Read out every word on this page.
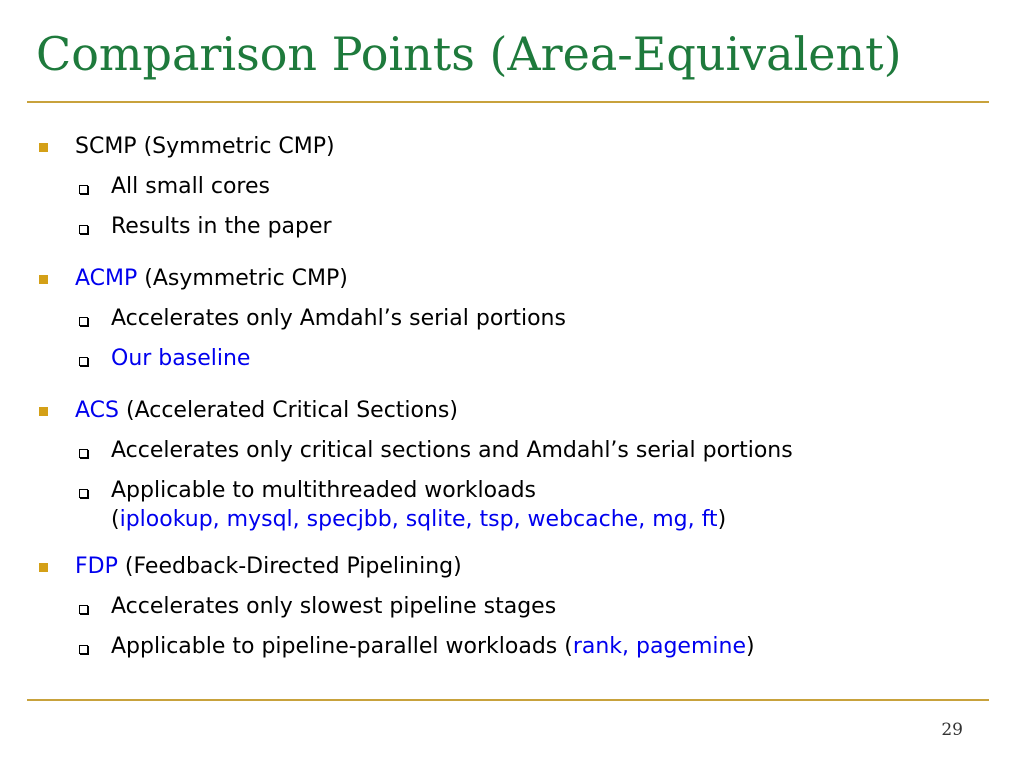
Comparison Points (Area-Equivalent)
SCMP (Symmetric CMP)
All small cores
Results in the paper
ACMP (Asymmetric CMP)
Accelerates only Amdahl’s serial portions
Our baseline
ACS (Accelerated Critical Sections)
Accelerates only critical sections and Amdahl’s serial portions
Applicable to multithreaded workloads
(iplookup, mysql, specjbb, sqlite, tsp, webcache, mg, ft)
FDP (Feedback-Directed Pipelining)
Accelerates only slowest pipeline stages
Applicable to pipeline-parallel workloads (rank, pagemine)
29
